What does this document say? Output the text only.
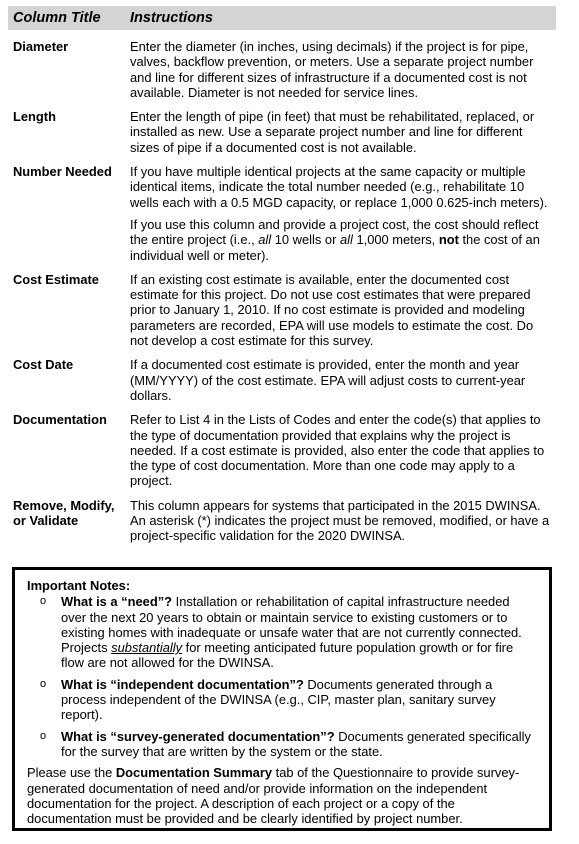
Column Title	Instructions
Diameter	Enter the diameter (in inches, using decimals) if the project is for pipe, valves, backflow prevention, or meters. Use a separate project number and line for different sizes of infrastructure if a documented cost is not available. Diameter is not needed for service lines.

Length	Enter the length of pipe (in feet) that must be rehabilitated, replaced, or installed as new. Use a separate project number and line for different sizes of pipe if a documented cost is not available.

Number Needed	If you have multiple identical projects at the same capacity or multiple identical items, indicate the total number needed (e.g., rehabilitate 10 wells each with a 0.5 MGD capacity, or replace 1,000 0.625-inch meters).

If you use this column and provide a project cost, the cost should reflect the entire project (i.e., all 10 wells or all 1,000 meters, not the cost of an individual well or meter).

Cost Estimate	If an existing cost estimate is available, enter the documented cost estimate for this project. Do not use cost estimates that were prepared prior to January 1, 2010. If no cost estimate is provided and modeling parameters are recorded, EPA will use models to estimate the cost. Do not develop a cost estimate for this survey.

Cost Date	If a documented cost estimate is provided, enter the month and year (MM/YYYY) of the cost estimate. EPA will adjust costs to current-year dollars.

Documentation	Refer to List 4 in the Lists of Codes and enter the code(s) that applies to the type of documentation provided that explains why the project is needed. If a cost estimate is provided, also enter the code that applies to the type of cost documentation. More than one code may apply to a project.

Remove, Modify, or Validate	This column appears for systems that participated in the 2015 DWINSA. An asterisk (*) indicates the project must be removed, modified, or have a project-specific validation for the 2020 DWINSA.

Important Notes:
o What is a “need”? Installation or rehabilitation of capital infrastructure needed over the next 20 years to obtain or maintain service to existing customers or to existing homes with inadequate or unsafe water that are not currently connected. Projects substantially for meeting anticipated future population growth or for fire flow are not allowed for the DWINSA.
o What is “independent documentation”? Documents generated through a process independent of the DWINSA (e.g., CIP, master plan, sanitary survey report).
o What is “survey-generated documentation”? Documents generated specifically for the survey that are written by the system or the state.

Please use the Documentation Summary tab of the Questionnaire to provide survey-generated documentation of need and/or provide information on the independent documentation for the project. A description of each project or a copy of the documentation must be provided and be clearly identified by project number.
